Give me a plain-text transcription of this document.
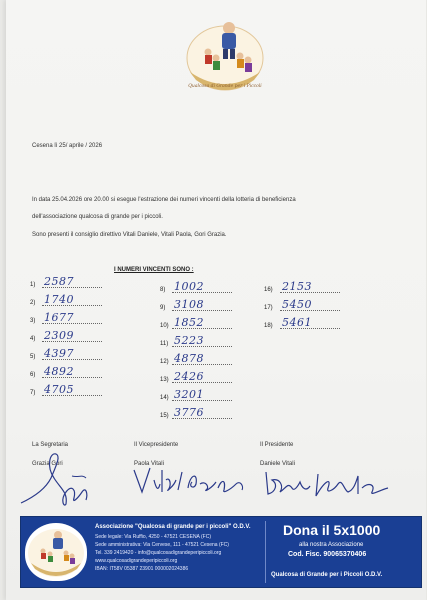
Qualcosa di Grande per i Piccoli
Cesena lì 25/ aprile / 2026
In data 25.04.2026 ore 20.00 si esegue l'estrazione dei numeri vincenti della lotteria di beneficienza
dell'associazione qualcosa di grande per i piccoli.
Sono presenti il consiglio direttivo Vitali Daniele, Vitali Paola, Gori Grazia.
I NUMERI VINCENTI SONO :
1) 2587
2) 1740
3) 1677
4) 2309
5) 4397
6) 4892
7) 4705
8) 1002
9) 3108
10) 1852
11) 5223
12) 4878
13) 2426
14) 3201
15) 3776
16) 2153
17) 5450
18) 5461
La Segretaria
Grazia Gori
Il Vicepresidente
Paola Vitali
Il Presidente
Daniele Vitali
Associazione "Qualcosa di grande per i piccoli" O.D.V.
Sede legale: Via Ruffio, 4250 - 47521 CESENA (FC)
Sede amministrativa: Via Cervese, 111 - 47521 Cesena (FC)
Tel. 339 2419420 - info@qualcosadigrandeperipiccoli.org
www.qualcosadigrandeperipiccoli.org
IBAN: IT58V 05387 23901 000002024386
Dona il 5x1000
alla nostra Associazione
Cod. Fisc. 90065370406
Qualcosa di Grande per i Piccoli O.D.V.
